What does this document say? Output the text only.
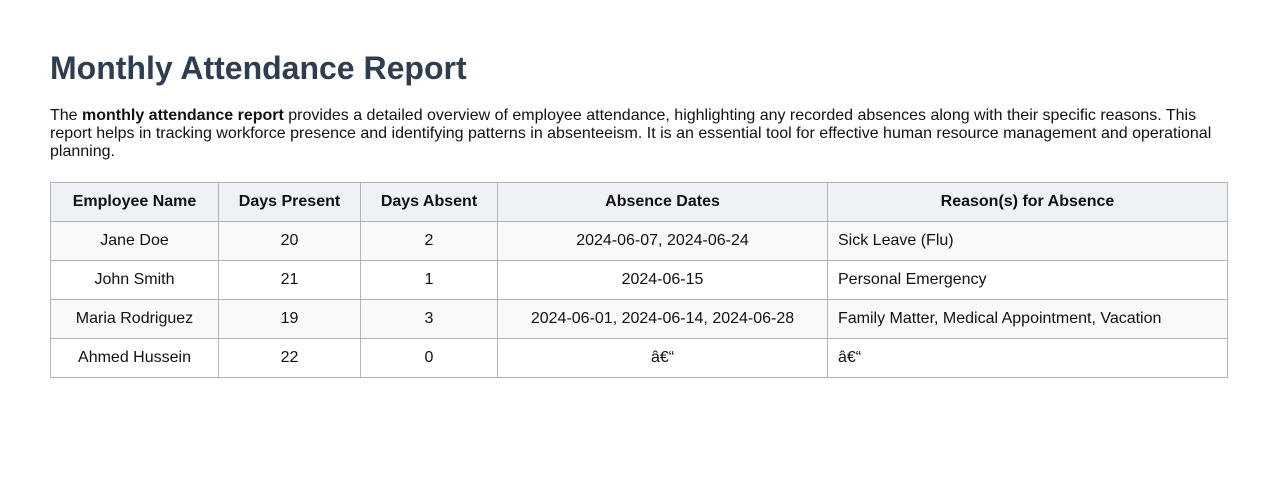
Monthly Attendance Report

The monthly attendance report provides a detailed overview of employee attendance, highlighting any recorded absences along with their specific reasons. This report helps in tracking workforce presence and identifying patterns in absenteeism. It is an essential tool for effective human resource management and operational planning.

Employee Name	Days Present	Days Absent	Absence Dates	Reason(s) for Absence
Jane Doe	20	2	2024-06-07, 2024-06-24	Sick Leave (Flu)
John Smith	21	1	2024-06-15	Personal Emergency
Maria Rodriguez	19	3	2024-06-01, 2024-06-14, 2024-06-28	Family Matter, Medical Appointment, Vacation
Ahmed Hussein	22	0	â€“	â€“
